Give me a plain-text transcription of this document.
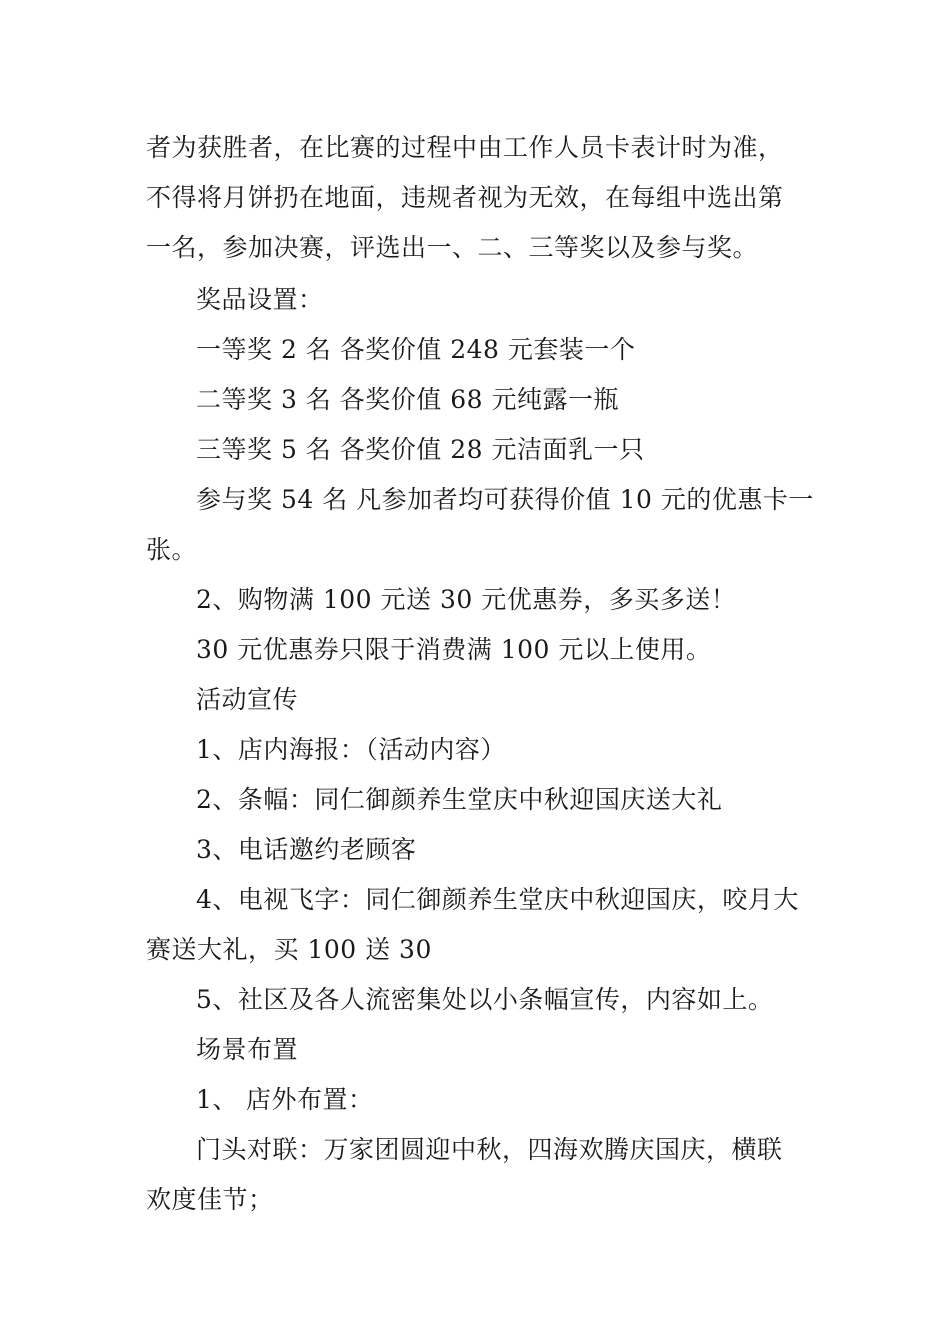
者为获胜者，在比赛的过程中由工作人员卡表计时为准，
不得将月饼扔在地面，违规者视为无效，在每组中选出第
一名，参加决赛，评选出一、二、三等奖以及参与奖。
奖品设置：
一等奖 2 名 各奖价值 248 元套装一个
二等奖 3 名 各奖价值 68 元纯露一瓶
三等奖 5 名 各奖价值 28 元洁面乳一只
参与奖 54 名 凡参加者均可获得价值 10 元的优惠卡一
张。
2、购物满 100 元送 30 元优惠券，多买多送！
30 元优惠券只限于消费满 100 元以上使用。
活动宣传
1、店内海报：（活动内容）
2、条幅：同仁御颜养生堂庆中秋迎国庆送大礼
3、电话邀约老顾客
4、电视飞字：同仁御颜养生堂庆中秋迎国庆，咬月大
赛送大礼，买 100 送 30
5、社区及各人流密集处以小条幅宣传，内容如上。
场景布置
1、 店外布置：
门头对联：万家团圆迎中秋，四海欢腾庆国庆，横联
欢度佳节；
